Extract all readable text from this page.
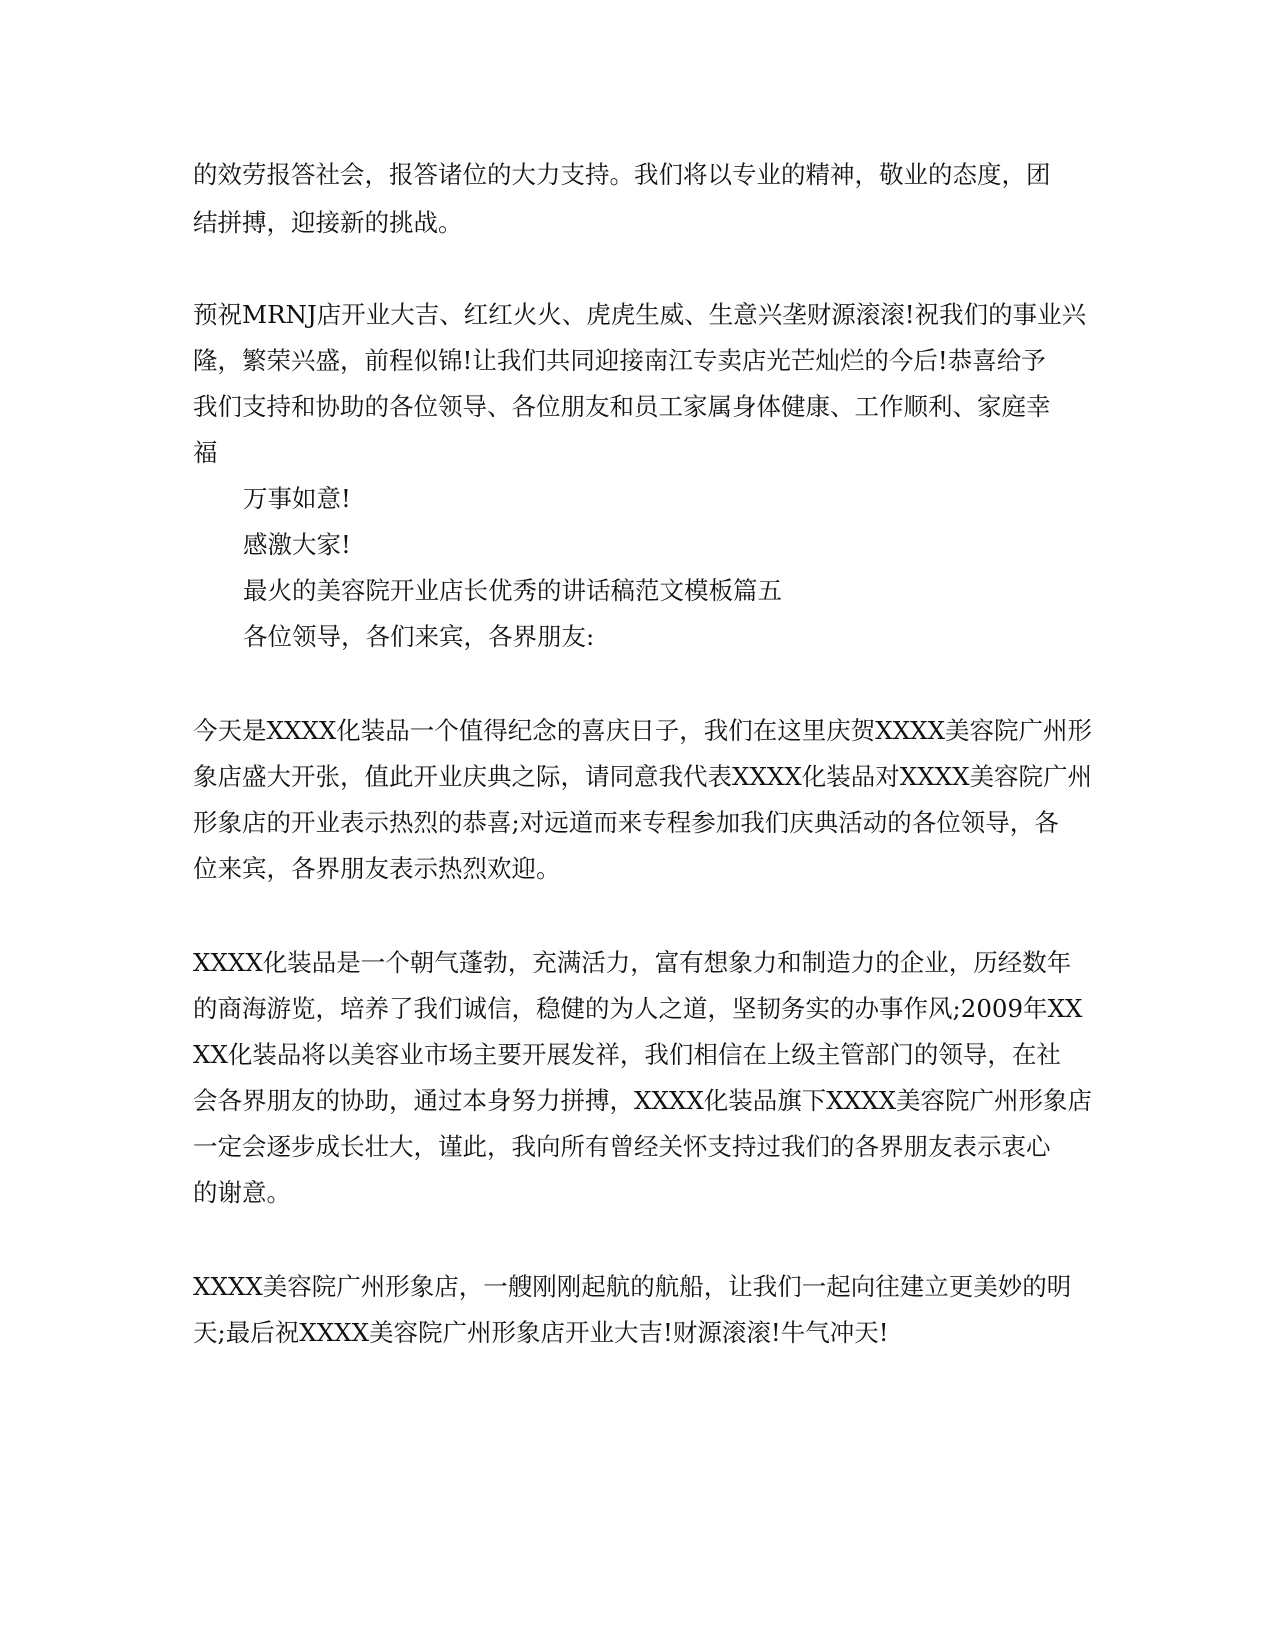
的效劳报答社会，报答诸位的大力支持。我们将以专业的精神，敬业的态度，团
结拼搏，迎接新的挑战。
预祝MRNJ店开业大吉、红红火火、虎虎生威、生意兴垄财源滚滚!祝我们的事业兴
隆，繁荣兴盛，前程似锦!让我们共同迎接南江专卖店光芒灿烂的今后!恭喜给予
我们支持和协助的各位领导、各位朋友和员工家属身体健康、工作顺利、家庭幸
福
万事如意!
感激大家!
最火的美容院开业店长优秀的讲话稿范文模板篇五
各位领导，各们来宾，各界朋友:
今天是XXXX化装品一个值得纪念的喜庆日子，我们在这里庆贺XXXX美容院广州形
象店盛大开张，值此开业庆典之际，请同意我代表XXXX化装品对XXXX美容院广州
形象店的开业表示热烈的恭喜;对远道而来专程参加我们庆典活动的各位领导，各
位来宾，各界朋友表示热烈欢迎。
XXXX化装品是一个朝气蓬勃，充满活力，富有想象力和制造力的企业，历经数年
的商海游览，培养了我们诚信，稳健的为人之道，坚韧务实的办事作风;2009年XX
XX化装品将以美容业市场主要开展发祥，我们相信在上级主管部门的领导，在社
会各界朋友的协助，通过本身努力拼搏，XXXX化装品旗下XXXX美容院广州形象店
一定会逐步成长壮大，谨此，我向所有曾经关怀支持过我们的各界朋友表示衷心
的谢意。
XXXX美容院广州形象店，一艘刚刚起航的航船，让我们一起向往建立更美妙的明
天;最后祝XXXX美容院广州形象店开业大吉!财源滚滚!牛气冲天!
